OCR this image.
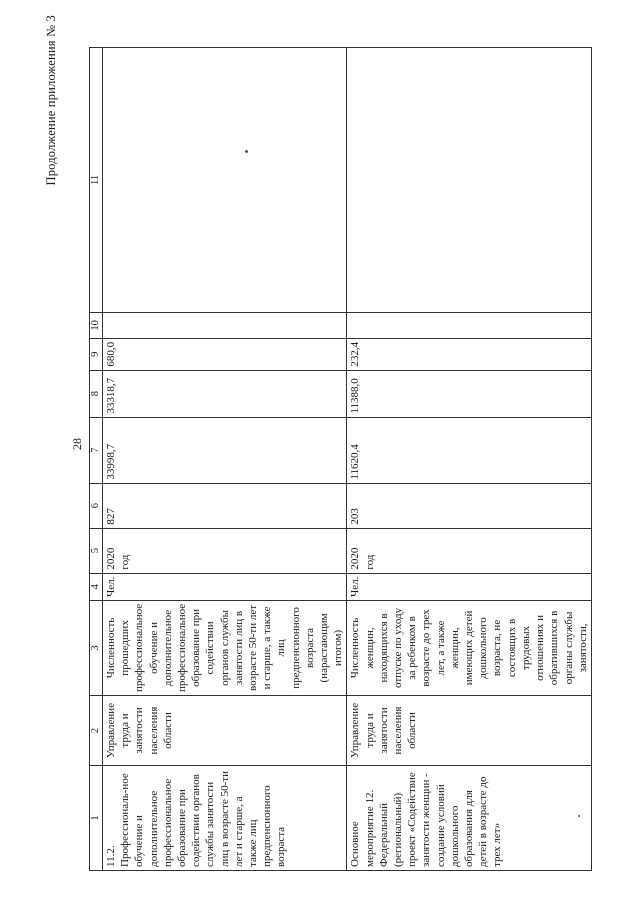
28
Продолжение приложения № 3
1	2	3	4	5	6	7	8	9	10	11
11.2. Профессиональ-ное обучение и дополнительное профессиональное образование при содействии органов службы занятости лиц в возрасте 50-ти лет и старше, а также лиц предпенсионного возраста	Управление труда и занятости населения области	Численность прошедших профессиональное обучение и дополнительное профессиональное образование при содействии органов службы занятости лиц в возрасте 50-ти лет и старше, а также лиц предпенсионного возраста (нарастающим итогом)	Чел.	2020 год	827	33998,7	33318,7	680,0		
Основное мероприятие 12. Федеральный (региональный) проект «Содействие занятости женщин - создание условий дошкольного образования для детей в возрасте до трех лет»	Управление труда и занятости населения области	Численность женщин, находящихся в отпуске по уходу за ребенком в возрасте до трех лет, а также женщин, имеющих детей дошкольного возраста, не состоящих в трудовых отношениях и обратившихся в органы службы занятости,	Чел.	2020 год	203	11620,4	11388,0	232,4		
